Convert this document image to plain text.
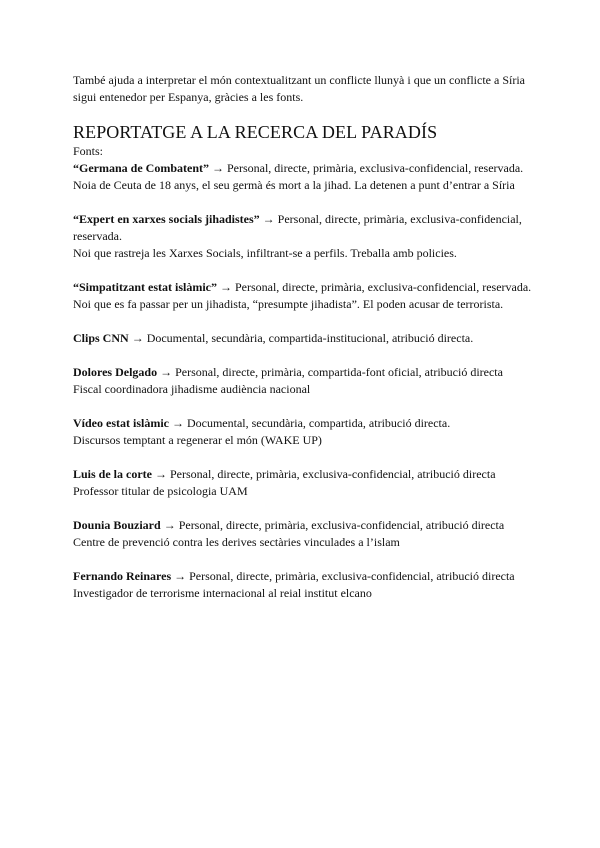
També ajuda a interpretar el món contextualitzant un conflicte llunyà i que un conflicte a Síria sigui entenedor per Espanya, gràcies a les fonts.

REPORTATGE A LA RECERCA DEL PARADÍS

Fonts:

“Germana de Combatent” → Personal, directe, primària, exclusiva-confidencial, reservada.

Noia de Ceuta de 18 anys, el seu germà és mort a la jihad. La detenen a punt d’entrar a Síria

“Expert en xarxes socials jihadistes” → Personal, directe, primària, exclusiva-confidencial, reservada.

Noi que rastreja les Xarxes Socials, infiltrant-se a perfils. Treballa amb policies.

“Simpatitzant estat islàmic” → Personal, directe, primària, exclusiva-confidencial, reservada.

Noi que es fa passar per un jihadista, “presumpte jihadista”. El poden acusar de terrorista.

Clips CNN → Documental, secundària, compartida-institucional, atribució directa.

Dolores Delgado → Personal, directe, primària, compartida-font oficial, atribució directa

Fiscal coordinadora jihadisme audiència nacional

Vídeo estat islàmic → Documental, secundària, compartida, atribució directa.

Discursos temptant a regenerar el món (WAKE UP)

Luis de la corte → Personal, directe, primària, exclusiva-confidencial, atribució directa

Professor titular de psicologia UAM

Dounia Bouziard → Personal, directe, primària, exclusiva-confidencial, atribució directa

Centre de prevenció contra les derives sectàries vinculades a l’islam

Fernando Reinares → Personal, directe, primària, exclusiva-confidencial, atribució directa

Investigador de terrorisme internacional al reial institut elcano
